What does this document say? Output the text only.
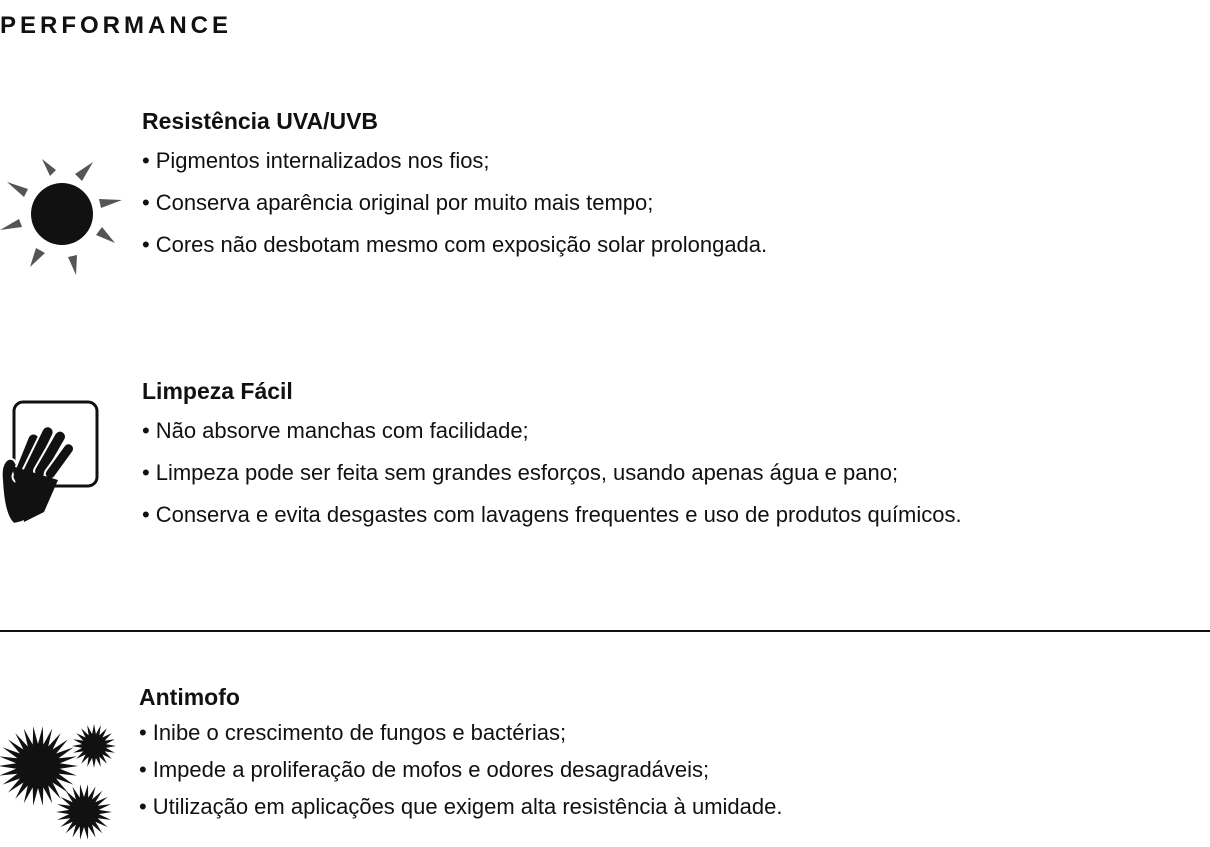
PERFORMANCE
Resistência UVA/UVB
• Pigmentos internalizados nos fios;
• Conserva aparência original por muito mais tempo;
• Cores não desbotam mesmo com exposição solar prolongada.
Limpeza Fácil
• Não absorve manchas com facilidade;
• Limpeza pode ser feita sem grandes esforços, usando apenas água e pano;
• Conserva e evita desgastes com lavagens frequentes e uso de produtos químicos.
Antimofo
• Inibe o crescimento de fungos e bactérias;
• Impede a proliferação de mofos e odores desagradáveis;
• Utilização em aplicações que exigem alta resistência à umidade.
